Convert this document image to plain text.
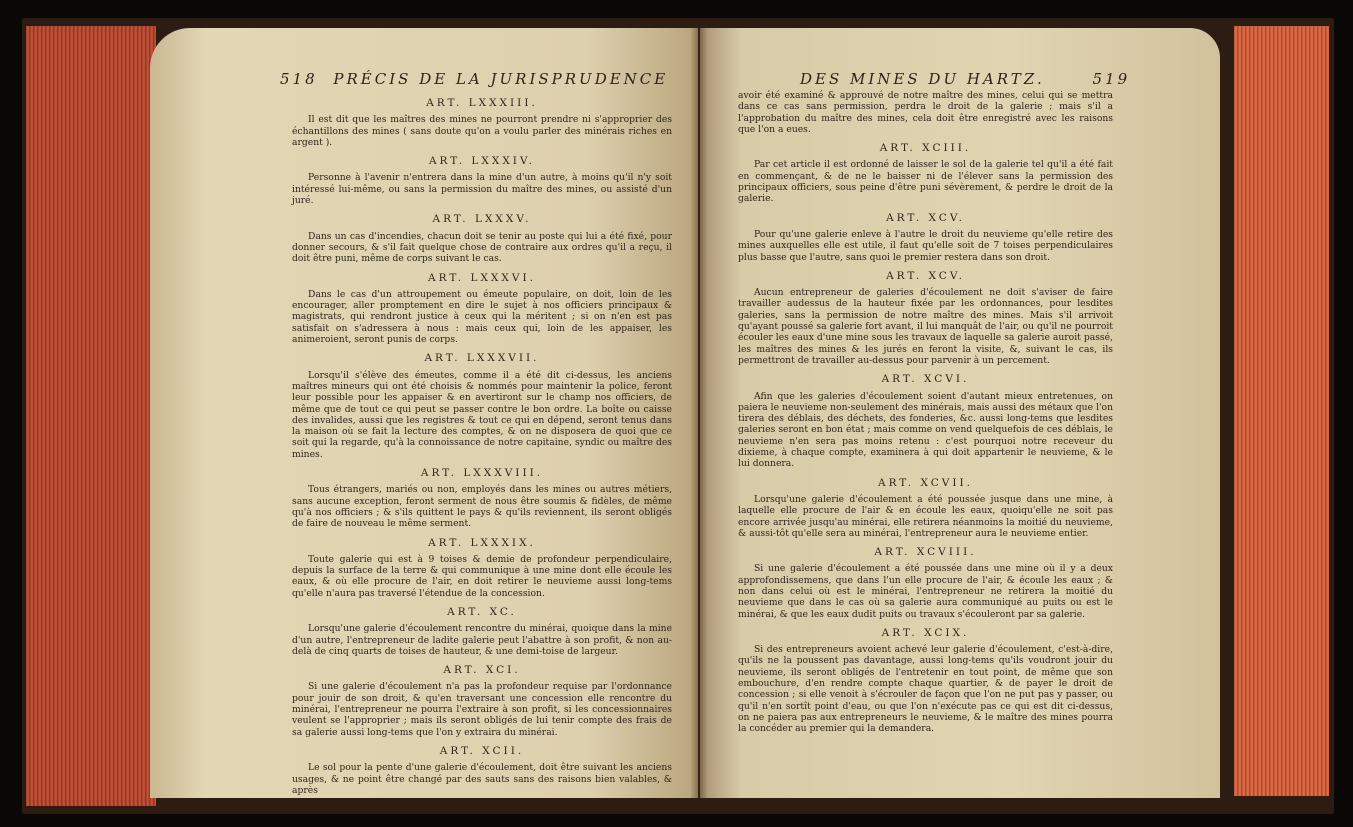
518 PRÉCIS DE LA JURISPRUDENCE
ART. LXXXIII.

Il est dit que les maîtres des mines ne pourront prendre ni s'approprier des échantillons des mines ( sans doute qu'on a voulu parler des minérais riches en argent ).

ART. LXXXIV.

Personne à l'avenir n'entrera dans la mine d'un autre, à moins qu'il n'y soit intéressé lui-même, ou sans la permission du maître des mines, ou assisté d'un juré.

ART. LXXXV.

Dans un cas d'incendies, chacun doit se tenir au poste qui lui a été fixé, pour donner secours, & s'il fait quelque chose de contraire aux ordres qu'il a reçu, il doit être puni, même de corps suivant le cas.

ART. LXXXVI.

Dans le cas d'un attroupement ou émeute populaire, on doit, loin de les encourager, aller promptement en dire le sujet à nos officiers principaux & magistrats, qui rendront justice à ceux qui la méritent ; si on n'en est pas satisfait on s'adressera à nous : mais ceux qui, loin de les appaiser, les animeroient, seront punis de corps.

ART. LXXXVII.

Lorsqu'il s'élève des émeutes, comme il a été dit ci-dessus, les anciens maîtres mineurs qui ont été choisis & nommés pour maintenir la police, feront leur possible pour les appaiser & en avertiront sur le champ nos officiers, de même que de tout ce qui peut se passer contre le bon ordre. La boîte ou caisse des invalides, aussi que les registres & tout ce qui en dépend, seront tenus dans la maison où se fait la lecture des comptes, & on ne disposera de quoi que ce soit qui la regarde, qu'à la connoissance de notre capitaine, syndic ou maître des mines.

ART. LXXXVIII.

Tous étrangers, mariés ou non, employés dans les mines ou autres métiers, sans aucune exception, feront serment de nous être soumis & fidèles, de même qu'à nos officiers ; & s'ils quittent le pays & qu'ils reviennent, ils seront obligés de faire de nouveau le même serment.

ART. LXXXIX.

Toute galerie qui est à 9 toises & demie de profondeur perpendiculaire, depuis la surface de la terre & qui communique à une mine dont elle écoule les eaux, & où elle procure de l'air, en doit retirer le neuvieme aussi long-tems qu'elle n'aura pas traversé l'étendue de la concession.

ART. XC.

Lorsqu'une galerie d'écoulement rencontre du minérai, quoique dans la mine d'un autre, l'entrepreneur de ladite galerie peut l'abattre à son profit, & non au-delà de cinq quarts de toises de hauteur, & une demi-toise de largeur.

ART. XCI.

Si une galerie d'écoulement n'a pas la profondeur requise par l'ordonnance pour jouir de son droit, & qu'en traversant une concession elle rencontre du minérai, l'entrepreneur ne pourra l'extraire à son profit, si les concessionnaires veulent se l'approprier ; mais ils seront obligés de lui tenir compte des frais de sa galerie aussi long-tems que l'on y extraira du minérai.

ART. XCII.

Le sol pour la pente d'une galerie d'écoulement, doit être suivant les anciens usages, & ne point être changé par des sauts sans des raisons bien valables, & après

DES MINES DU HARTZ.	519

avoir été examiné & approuvé de notre maître des mines, celui qui se mettra dans ce cas sans permission, perdra le droit de la galerie ; mais s'il a l'approbation du maître des mines, cela doit être enregistré avec les raisons que l'on a eues.

ART. XCIII.

Par cet article il est ordonné de laisser le sol de la galerie tel qu'il a été fait en commençant, & de ne le baisser ni de l'élever sans la permission des principaux officiers, sous peine d'être puni sévèrement, & perdre le droit de la galerie.

ART. XCV.

Pour qu'une galerie enleve à l'autre le droit du neuvieme qu'elle retire des mines auxquelles elle est utile, il faut qu'elle soit de 7 toises perpendiculaires plus basse que l'autre, sans quoi le premier restera dans son droit.

ART. XCV.

Aucun entrepreneur de galeries d'écoulement ne doit s'aviser de faire travailler audessus de la hauteur fixée par les ordonnances, pour lesdites galeries, sans la permission de notre maître des mines. Mais s'il arrivoit qu'ayant poussé sa galerie fort avant, il lui manquât de l'air, ou qu'il ne pourroit écouler les eaux d'une mine sous les travaux de laquelle sa galerie auroit passé, les maîtres des mines & les jurés en feront la visite, &, suivant le cas, ils permettront de travailler au-dessus pour parvenir à un percement.

ART. XCVI.

Afin que les galeries d'écoulement soient d'autant mieux entretenues, on paiera le neuvieme non-seulement des minérais, mais aussi des métaux que l'on tirera des déblais, des déchets, des fonderies, &c. aussi long-tems que lesdites galeries seront en bon état ; mais comme on vend quelquefois de ces déblais, le neuvieme n'en sera pas moins retenu : c'est pourquoi notre receveur du dixieme, à chaque compte, examinera à qui doit appartenir le neuvieme, & le lui donnera.

ART. XCVII.

Lorsqu'une galerie d'écoulement a été poussée jusque dans une mine, à laquelle elle procure de l'air & en écoule les eaux, quoiqu'elle ne soit pas encore arrivée jusqu'au minérai, elle retirera néanmoins la moitié du neuvieme, & aussi-tôt qu'elle sera au minérai, l'entrepreneur aura le neuvieme entier.

ART. XCVIII.

Si une galerie d'écoulement a été poussée dans une mine où il y a deux approfondissemens, que dans l'un elle procure de l'air, & écoule les eaux ; & non dans celui où est le minérai, l'entrepreneur ne retirera la moitié du neuvieme que dans le cas où sa galerie aura communiqué au puits ou est le minérai, & que les eaux dudit puits ou travaux s'écouleront par sa galerie.

ART. XCIX.

Si des entrepreneurs avoient achevé leur galerie d'écoulement, c'est-à-dire, qu'ils ne la poussent pas davantage, aussi long-tems qu'ils voudront jouir du neuvieme, ils seront obligés de l'entretenir en tout point, de même que son embouchure, d'en rendre compte chaque quartier, & de payer le droit de concession ; si elle venoit à s'écrouler de façon que l'on ne put pas y passer, ou qu'il n'en sortît point d'eau, ou que l'on n'exécute pas ce qui est dit ci-dessus, on ne paiera pas aux entrepreneurs le neuvieme, & le maître des mines pourra la concéder au premier qui la demandera.
